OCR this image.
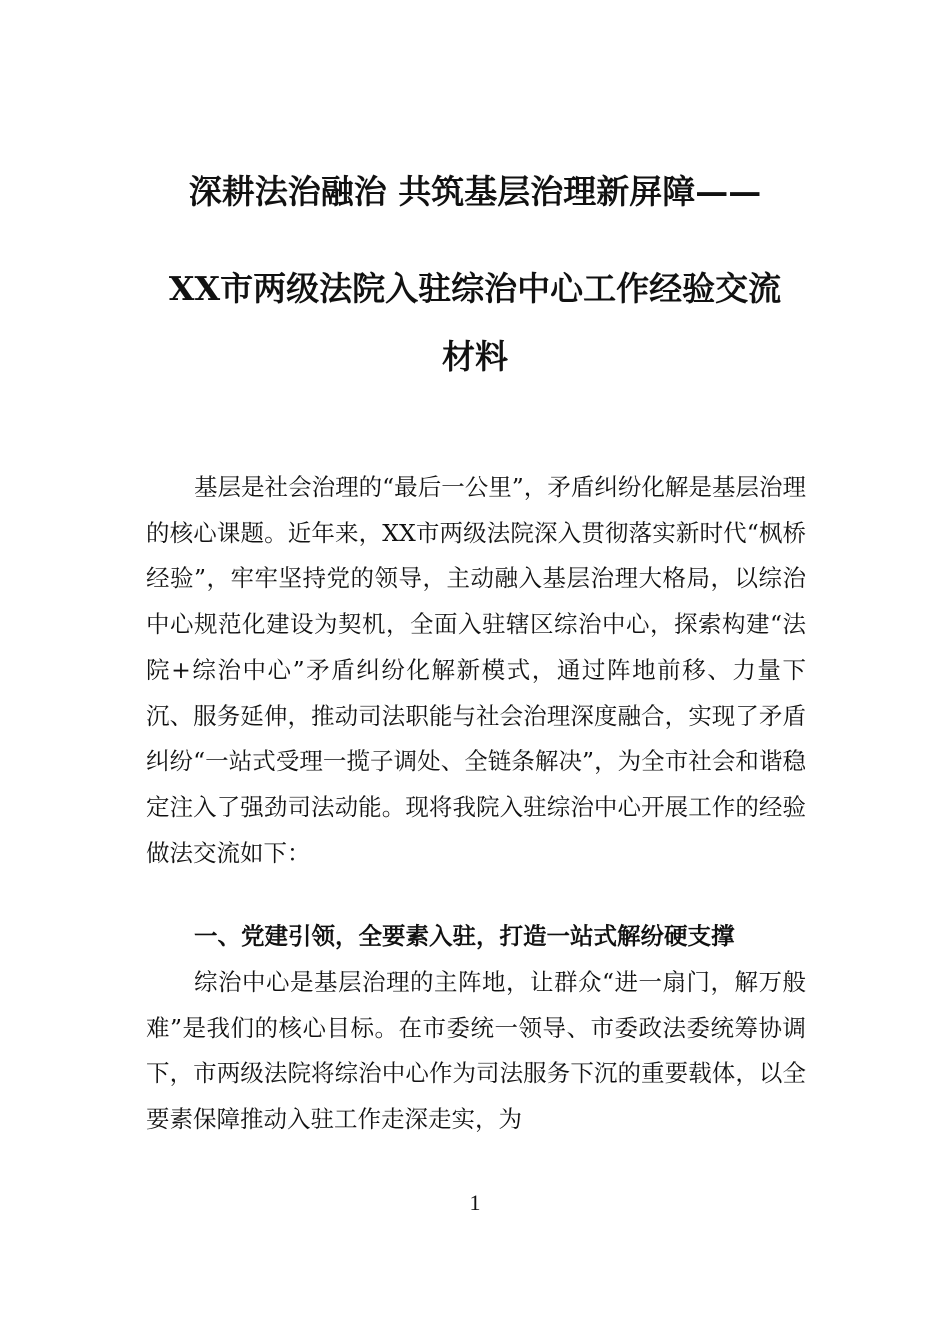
深耕法治融治 共筑基层治理新屏障——
XX市两级法院入驻综治中心工作经验交流
材料

基层是社会治理的“最后一公里”，矛盾纠纷化解是基层治理的核心课题。近年来，XX市两级法院深入贯彻落实新时代“枫桥经验”，牢牢坚持党的领导，主动融入基层治理大格局，以综治中心规范化建设为契机，全面入驻辖区综治中心，探索构建“法院+综治中心”矛盾纠纷化解新模式，通过阵地前移、力量下沉、服务延伸，推动司法职能与社会治理深度融合，实现了矛盾纠纷“一站式受理一揽子调处、全链条解决”，为全市社会和谐稳定注入了强劲司法动能。现将我院入驻综治中心开展工作的经验做法交流如下：

一、党建引领，全要素入驻，打造一站式解纷硬支撑

综治中心是基层治理的主阵地，让群众“进一扇门，解万般难”是我们的核心目标。在市委统一领导、市委政法委统筹协调下，市两级法院将综治中心作为司法服务下沉的重要载体，以全要素保障推动入驻工作走深走实，为

1
